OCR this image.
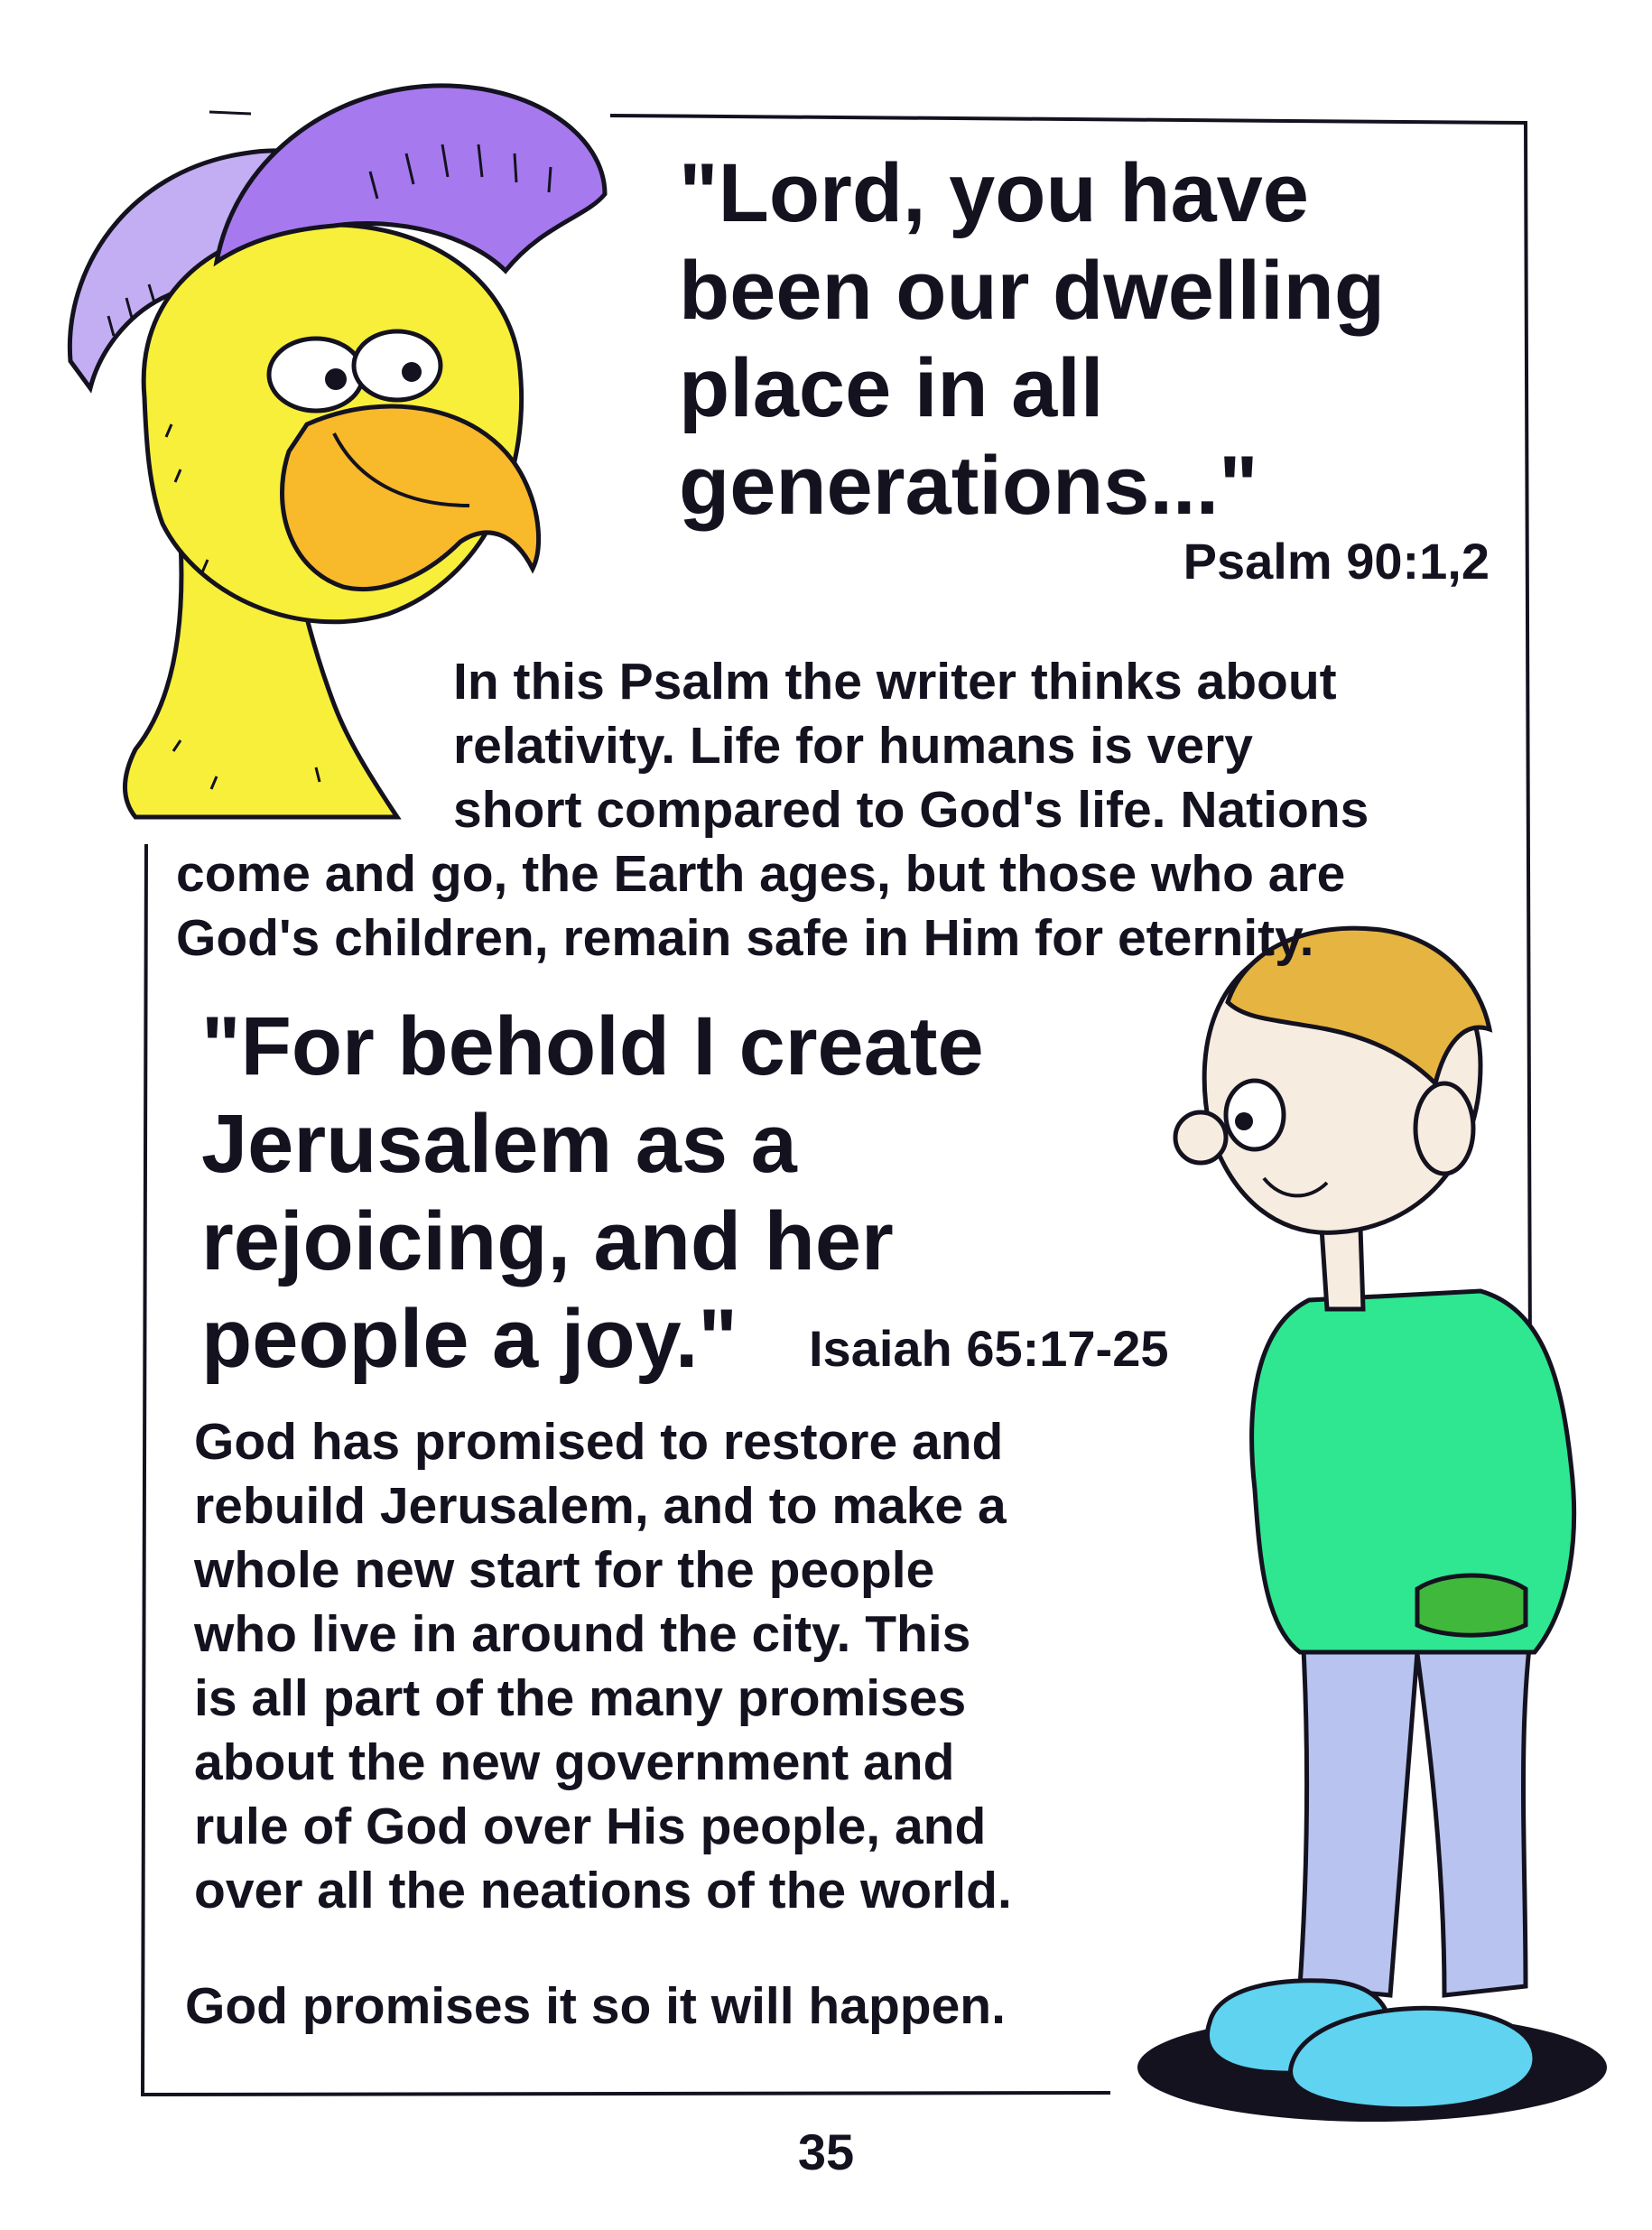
"Lord, you have
been our dwelling
place in all
generations..."
Psalm 90:1,2
In this Psalm the writer thinks about
relativity. Life for humans is very
short compared to God's life. Nations
come and go, the Earth ages, but those who are
God's children, remain safe in Him for eternity.
"For behold I create
Jerusalem as a
rejoicing, and her
people a joy."	Isaiah 65:17-25
God has promised to restore and
rebuild Jerusalem, and to make a
whole new start for the people
who live in around the city. This
is all part of the many promises
about the new government and
rule of God over His people, and
over all the neations of the world.
God promises it so it will happen.
35
